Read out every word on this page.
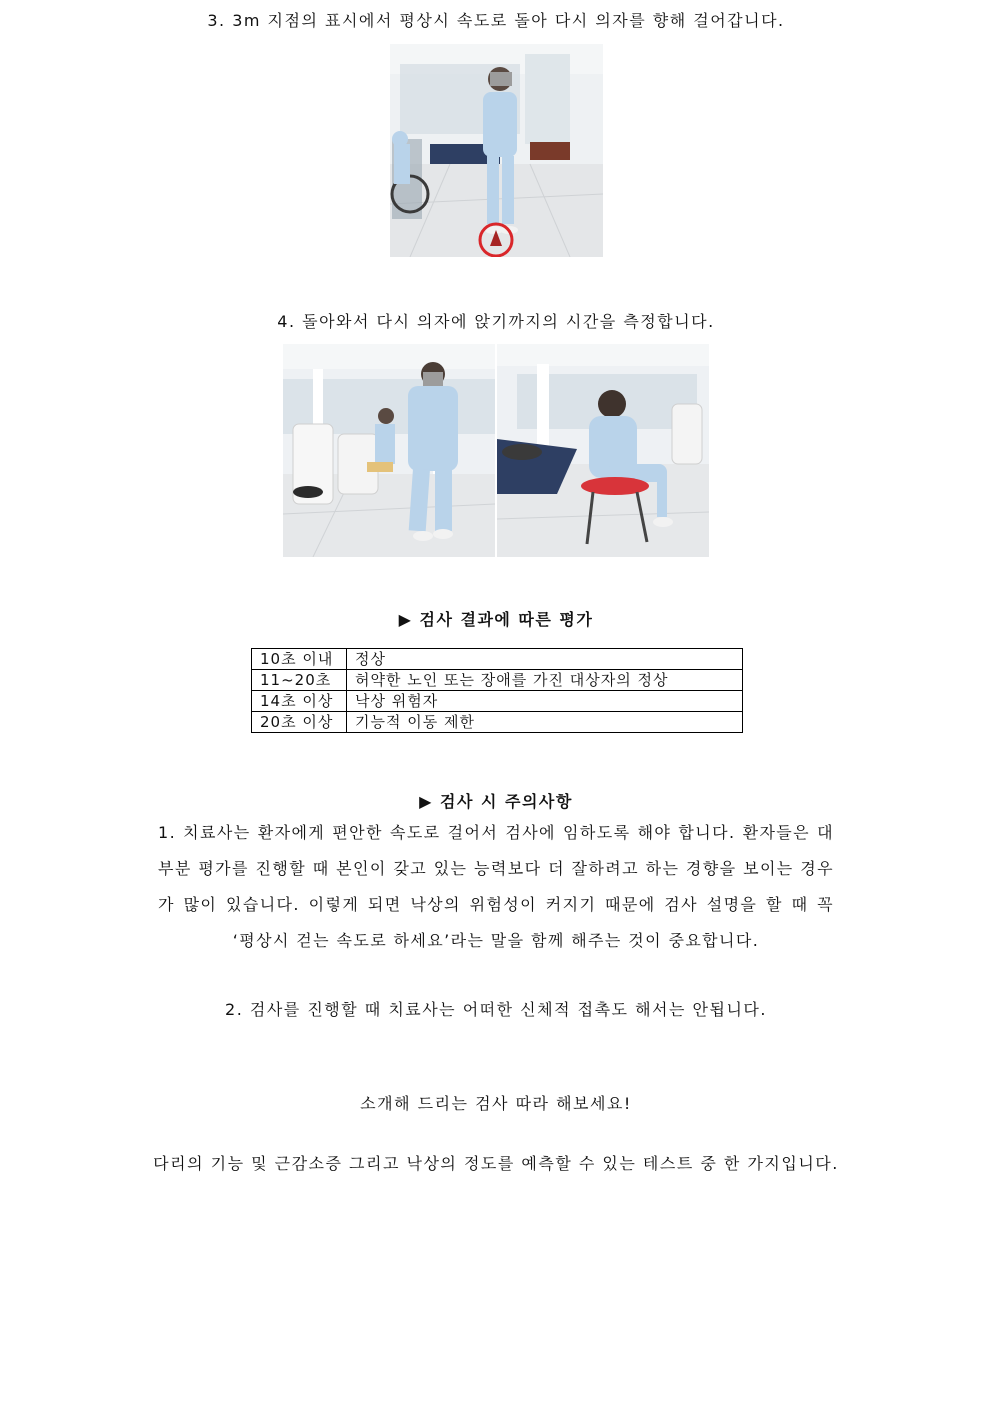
3. 3m 지점의 표시에서 평상시 속도로 돌아 다시 의자를 향해 걸어갑니다.
4. 돌아와서 다시 의자에 앉기까지의 시간을 측정합니다.
▶ 검사 결과에 따른 평가
10초 이내	정상
11~20초	허약한 노인 또는 장애를 가진 대상자의 정상
14초 이상	낙상 위험자
20초 이상	기능적 이동 제한
▶ 검사 시 주의사항
1. 치료사는 환자에게 편안한 속도로 걸어서 검사에 임하도록 해야 합니다. 환자들은 대부분 평가를 진행할 때 본인이 갖고 있는 능력보다 더 잘하려고 하는 경향을 보이는 경우가 많이 있습니다. 이렇게 되면 낙상의 위험성이 커지기 때문에 검사 설명을 할 때 꼭 ‘평상시 걷는 속도로 하세요’라는 말을 함께 해주는 것이 중요합니다.
2. 검사를 진행할 때 치료사는 어떠한 신체적 접촉도 해서는 안됩니다.
소개해 드리는 검사 따라 해보세요!
다리의 기능 및 근감소증 그리고 낙상의 정도를 예측할 수 있는 테스트 중 한 가지입니다.
